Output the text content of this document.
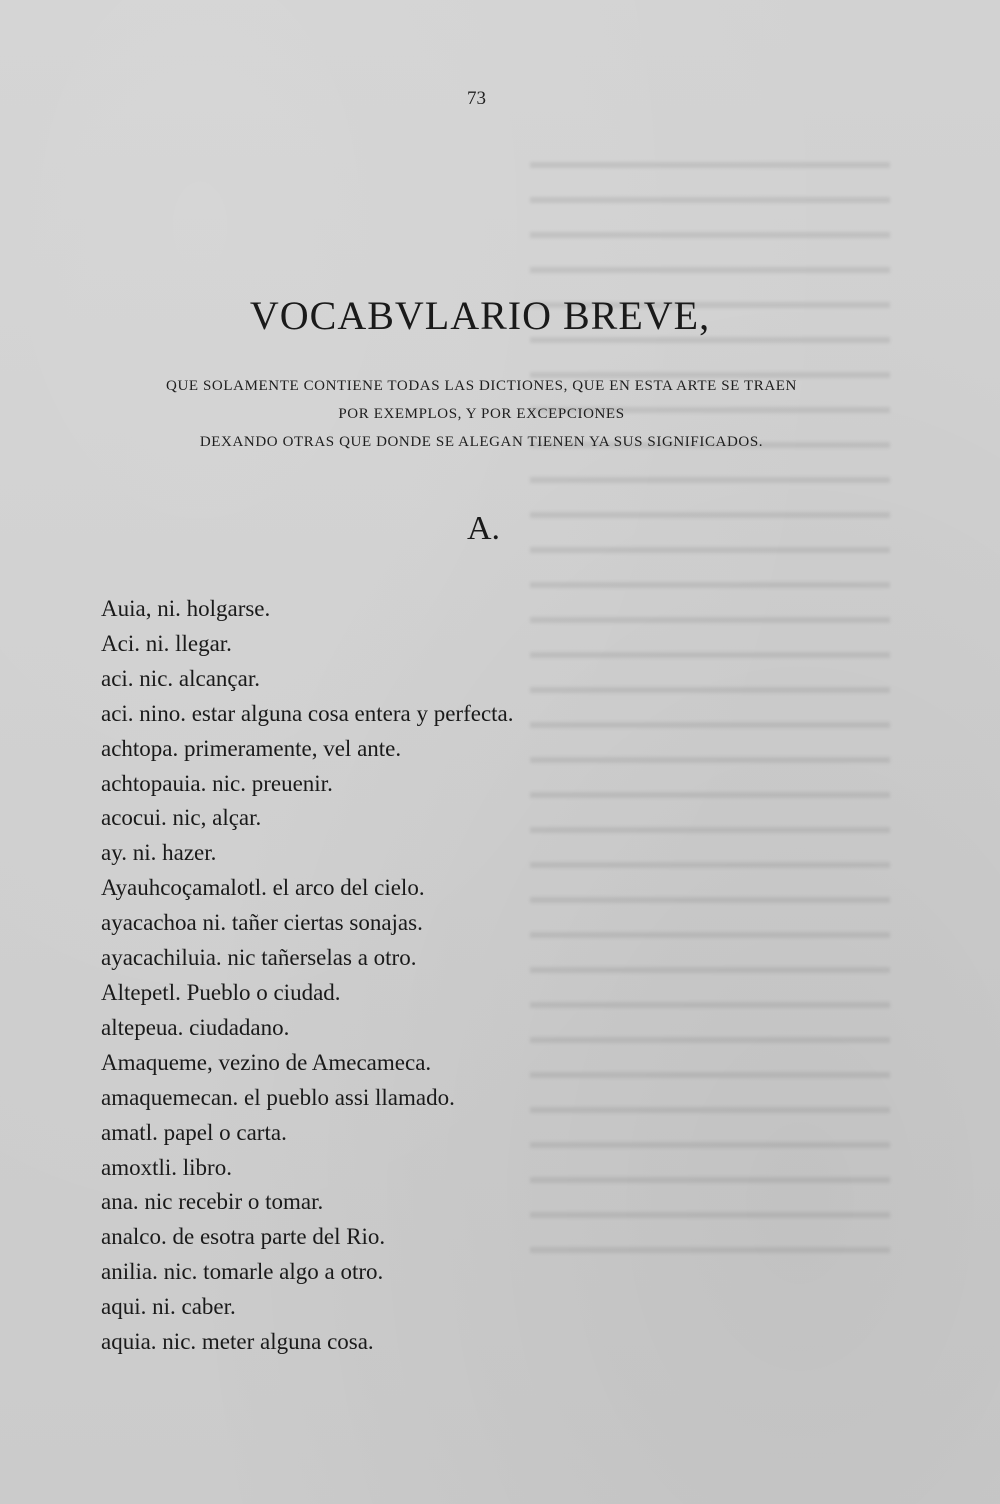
73
VOCABVLARIO BREVE,
QUE SOLAMENTE CONTIENE TODAS LAS DICTIONES, QUE EN ESTA ARTE SE TRAEN
POR EXEMPLOS, Y POR EXCEPCIONES
DEXANDO OTRAS QUE DONDE SE ALEGAN TIENEN YA SUS SIGNIFICADOS.
A.
Auia, ni. holgarse.
Aci. ni. llegar.
aci. nic. alcançar.
aci. nino. estar alguna cosa entera y perfecta.
achtopa. primeramente, vel ante.
achtopauia. nic. preuenir.
acocui. nic, alçar.
ay. ni. hazer.
Ayauhcoçamalotl. el arco del cielo.
ayacachoa ni. tañer ciertas sonajas.
ayacachiluia. nic tañerselas a otro.
Altepetl. Pueblo o ciudad.
altepeua. ciudadano.
Amaqueme, vezino de Amecameca.
amaquemecan. el pueblo assi llamado.
amatl. papel o carta.
amoxtli. libro.
ana. nic recebir o tomar.
analco. de esotra parte del Rio.
anilia. nic. tomarle algo a otro.
aqui. ni. caber.
aquia. nic. meter alguna cosa.
